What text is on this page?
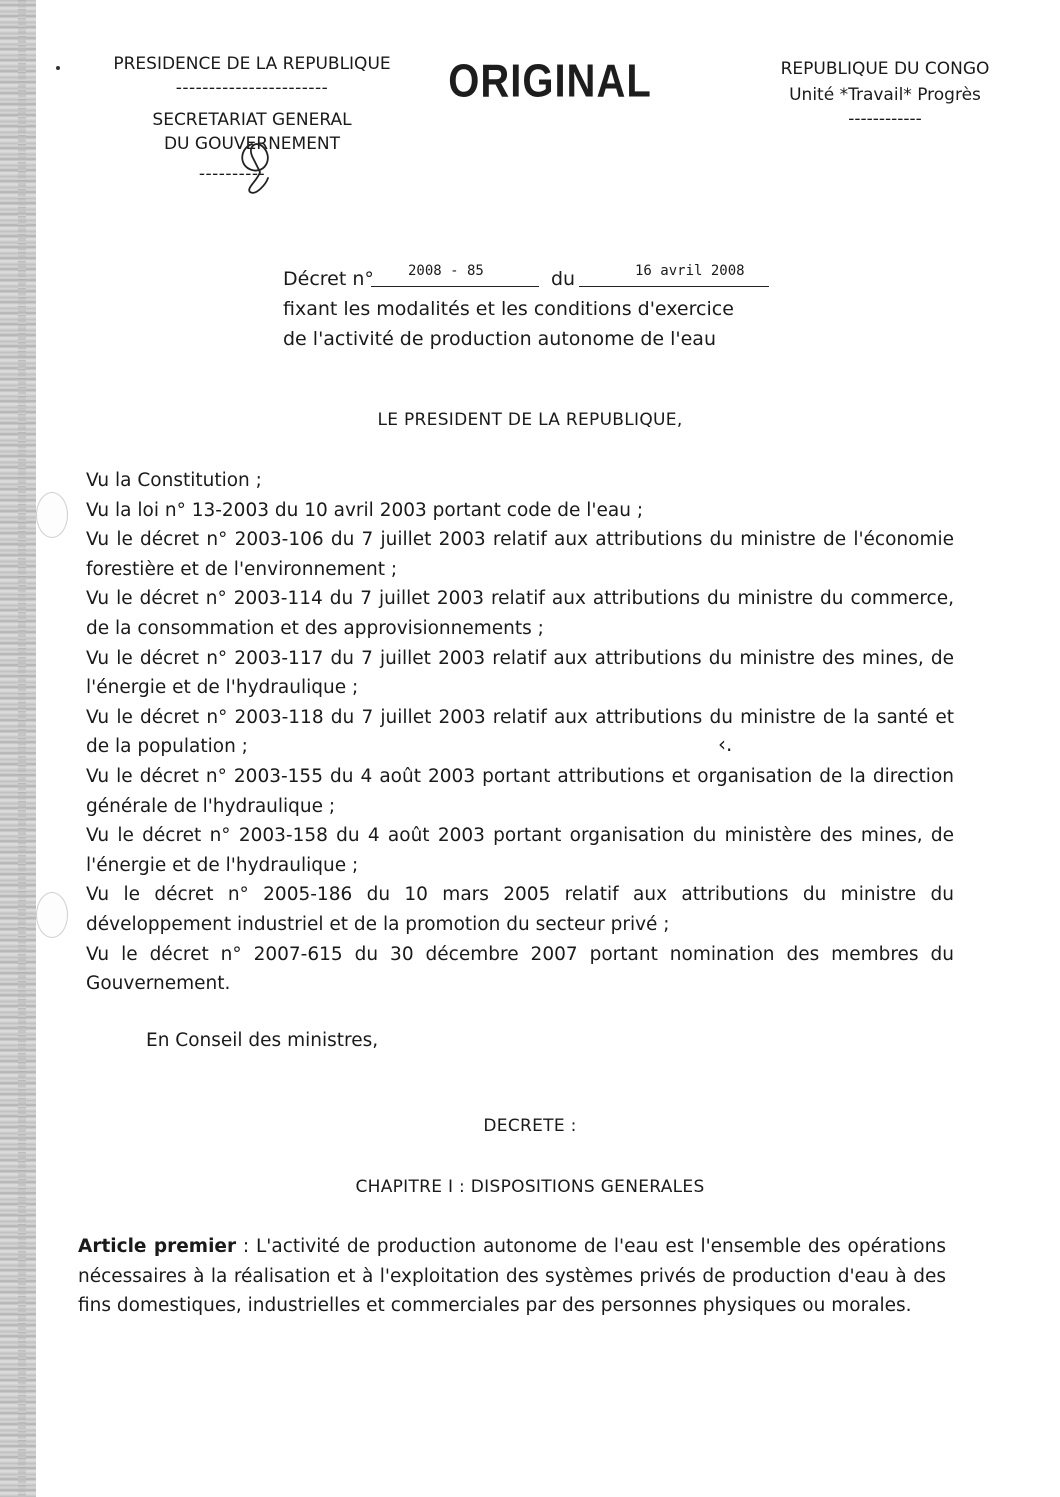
PRESIDENCE DE LA REPUBLIQUE
-----------------------
SECRETARIAT GENERAL
DU GOUVERNEMENT
----------
ORIGINAL	REPUBLIQUE DU CONGO
Unité *Travail* Progrès
------------
Décret n° 2008 - 85	du	16 avril 2008
fixant les modalités et les conditions d'exercice
de l'activité de production autonome de l'eau
LE PRESIDENT DE LA REPUBLIQUE,
Vu la Constitution ;
Vu la loi n° 13-2003 du 10 avril 2003 portant code de l'eau ;
Vu le décret n° 2003-106 du 7 juillet 2003 relatif aux attributions du ministre de l'économie forestière et de l'environnement ;
Vu le décret n° 2003-114 du 7 juillet 2003 relatif aux attributions du ministre du commerce, de la consommation et des approvisionnements ;
Vu le décret n° 2003-117 du 7 juillet 2003 relatif aux attributions du ministre des mines, de l'énergie et de l'hydraulique ;
Vu le décret n° 2003-118 du 7 juillet 2003 relatif aux attributions du ministre de la santé et de la population ;
Vu le décret n° 2003-155 du 4 août 2003 portant attributions et organisation de la direction générale de l'hydraulique ;
Vu le décret n° 2003-158 du 4 août 2003 portant organisation du ministère des mines, de l'énergie et de l'hydraulique ;
Vu le décret n° 2005-186 du 10 mars 2005 relatif aux attributions du ministre du développement industriel et de la promotion du secteur privé ;
Vu le décret n° 2007-615 du 30 décembre 2007 portant nomination des membres du Gouvernement.
‹.
En Conseil des ministres,
DECRETE :
CHAPITRE I : DISPOSITIONS GENERALES
Article premier : L'activité de production autonome de l'eau est l'ensemble des opérations nécessaires à la réalisation et à l'exploitation des systèmes privés de production d'eau à des fins domestiques, industrielles et commerciales par des personnes physiques ou morales.
